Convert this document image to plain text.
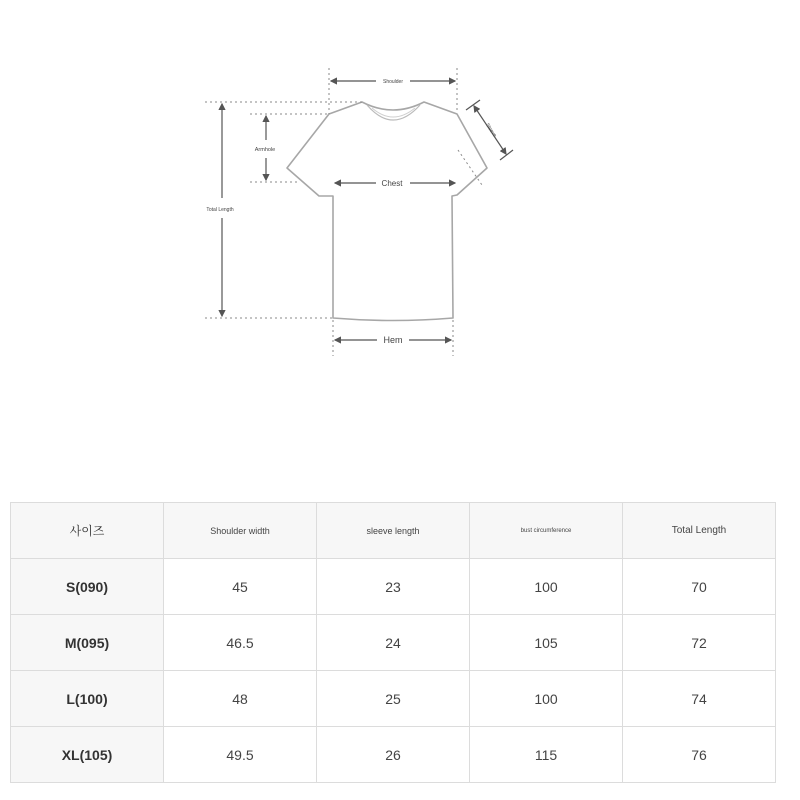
Shoulder
Sleeve
Armhole
Chest
Total Length
Hem
사이즈	Shoulder width	sleeve length	bust circumference	Total Length
S(090)	45	23	100	70
M(095)	46.5	24	105	72
L(100)	48	25	100	74
XL(105)	49.5	26	115	76
